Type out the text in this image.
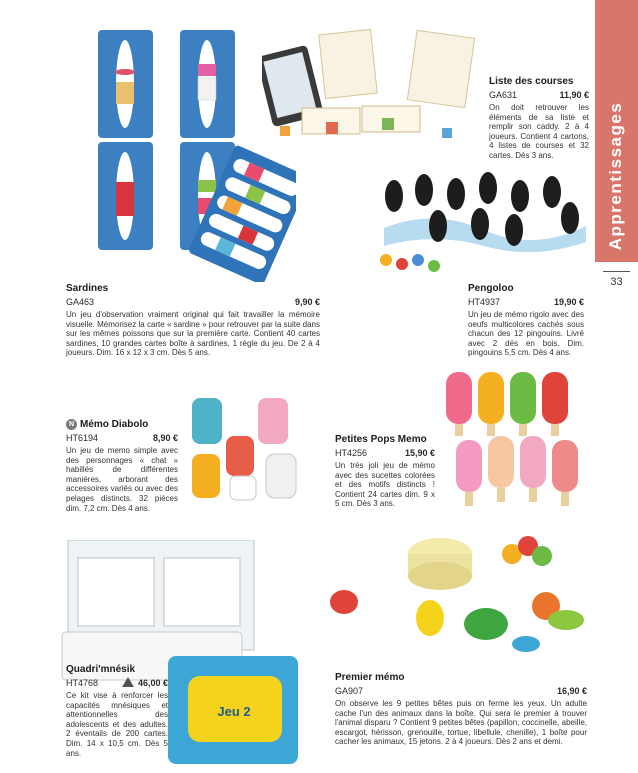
Apprentissages
33
Jeu 2
Liste des courses
GA631	11,90 €
On doit retrouver les éléments de sa liste et remplir son caddy. 2 à 4 joueurs. Contient 4 cartons, 4 listes de courses et 32 cartes. Dès 3 ans.
Sardines
GA463	9,90 €
Un jeu d'observation vraiment original qui fait travailler la mémoire visuelle. Mémorisez la carte « sardine » pour retrouver par la suite dans sur les mêmes poissons que sur la première carte. Contient 40 cartes sardines, 10 grandes cartes boîte à sardines, 1 règle du jeu. De 2 à 4 joueurs. Dim. 16 x 12 x 3 cm. Dès 5 ans.
Pengoloo
HT4937	19,90 €
Un jeu de mémo rigolo avec des oeufs multicolores cachés sous chacun des 12 pingouins. Livré avec 2 dés en bois. Dim. pingouins 5,5 cm. Dès 4 ans.
N Mémo Diabolo
HT6194	8,90 €
Un jeu de memo simple avec des personnages « chat » habillés de différentes manières, arborant des accessoires variés ou avec des pelages distincts. 32 pièces dim. 7,2 cm. Dès 4 ans.
Petites Pops Memo
HT4256	15,90 €
Un très joli jeu de mémo avec des sucettes colorées et des motifs distincts ! Contient 24 cartes dim. 9 x 5 cm. Dès 3 ans.
Quadri'mnésik
HT4768	46,00 €
Ce kit vise à renforcer les capacités mnésiques et attentionnelles des adolescents et des adultes. 2 éventails de 200 cartes. Dim. 14 x 10,5 cm. Dès 5 ans.
Premier mémo
GA907	16,90 €
On observe les 9 petites bêtes puis on ferme les yeux. Un adulte cache l'un des animaux dans la boîte. Qui sera le premier à trouver l'animal disparu ? Contient 9 petites bêtes (papillon, coccinelle, abeille, escargot, hérisson, grenouille, tortue, libellule, chenille), 1 boîte pour cacher les animaux, 15 jetons. 2 à 4 joueurs. Dès 2 ans et demi.
